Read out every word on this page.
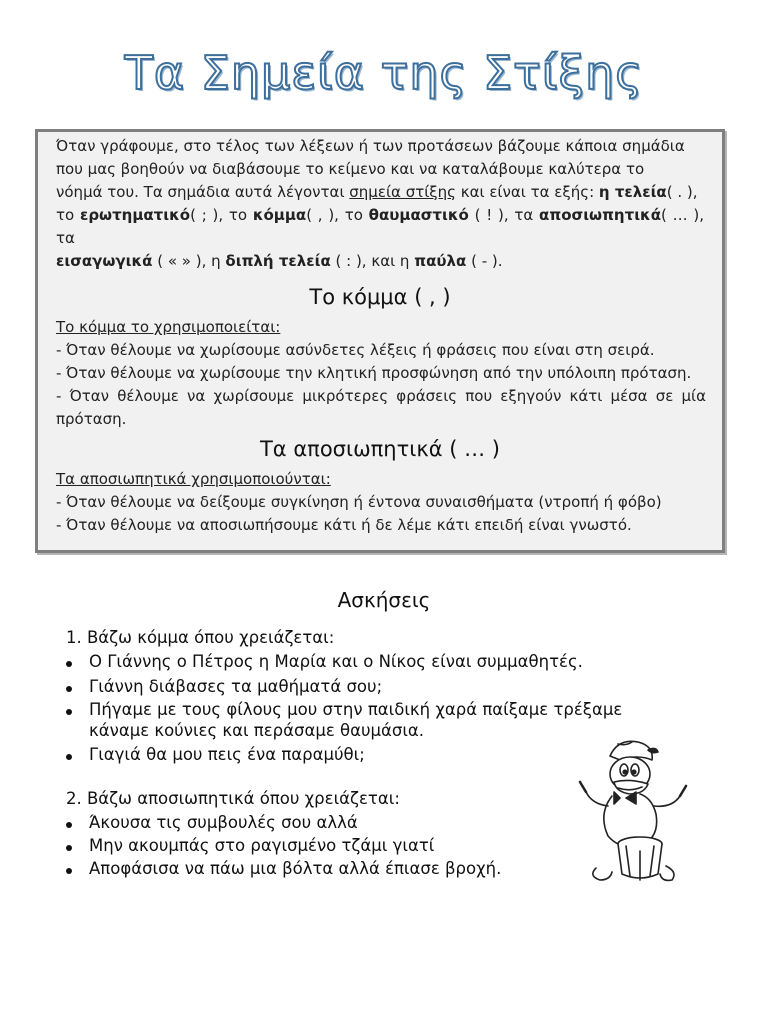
Τα Σημεία της Στίξης
Όταν γράφουμε, στο τέλος των λέξεων ή των προτάσεων βάζουμε κάποια σημάδια
που μας βοηθούν να διαβάσουμε το κείμενο και να καταλάβουμε καλύτερα το
νόημά του. Τα σημάδια αυτά λέγονται σημεία στίξης και είναι τα εξής: η τελεία( . ),
το ερωτηματικό( ; ), το κόμμα( , ), το θαυμαστικό ( ! ), τα αποσιωπητικά( … ), τα
εισαγωγικά ( « » ), η διπλή τελεία ( : ), και η παύλα ( - ).
Το κόμμα ( , )
Το κόμμα το χρησιμοποιείται:
- Όταν θέλουμε να χωρίσουμε ασύνδετες λέξεις ή φράσεις που είναι στη σειρά.
- Όταν θέλουμε να χωρίσουμε την κλητική προσφώνηση από την υπόλοιπη πρόταση.
- Όταν θέλουμε να χωρίσουμε μικρότερες φράσεις που εξηγούν κάτι μέσα σε μία πρόταση.
Τα αποσιωπητικά ( … )
Τα αποσιωπητικά χρησιμοποιούνται:
- Όταν θέλουμε να δείξουμε συγκίνηση ή έντονα συναισθήματα (ντροπή ή φόβο)
- Όταν θέλουμε να αποσιωπήσουμε κάτι ή δε λέμε κάτι επειδή είναι γνωστό.
Ασκήσεις
1. Βάζω κόμμα όπου χρειάζεται:
Ο Γιάννης ο Πέτρος η Μαρία και ο Νίκος είναι συμμαθητές.
Γιάννη διάβασες τα μαθήματά σου;
Πήγαμε με τους φίλους μου στην παιδική χαρά παίξαμε τρέξαμε
κάναμε κούνιες και περάσαμε θαυμάσια.
Γιαγιά θα μου πεις ένα παραμύθι;
2. Βάζω αποσιωπητικά όπου χρειάζεται:
Άκουσα τις συμβουλές σου αλλά
Μην ακουμπάς στο ραγισμένο τζάμι γιατί
Αποφάσισα να πάω μια βόλτα αλλά έπιασε βροχή.
